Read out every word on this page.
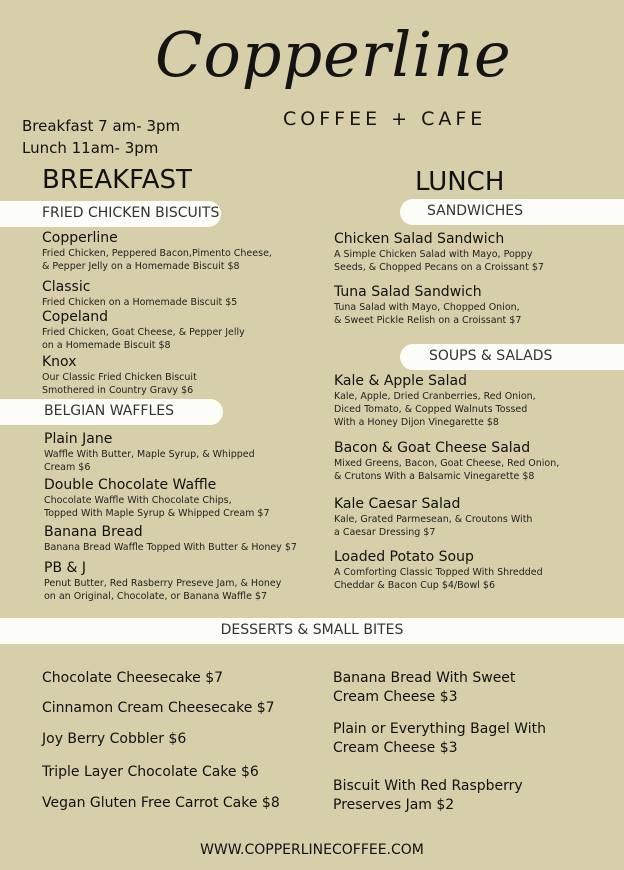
Copperline
COFFEE + CAFE
Breakfast 7 am- 3pm
Lunch 11am- 3pm
BREAKFAST	LUNCH
FRIED CHICKEN BISCUITS	SANDWICHES
Copperline
Fried Chicken, Peppered Bacon,Pimento Cheese,
& Pepper Jelly on a Homemade Biscuit $8
Classic
Fried Chicken on a Homemade Biscuit $5
Copeland
Fried Chicken, Goat Cheese, & Pepper Jelly
on a Homemade Biscuit $8
Knox
Our Classic Fried Chicken Biscuit
Smothered in Country Gravy $6
BELGIAN WAFFLES
Plain Jane
Waffle With Butter, Maple Syrup, & Whipped
Cream $6
Double Chocolate Waffle
Chocolate Waffle With Chocolate Chips,
Topped With Maple Syrup & Whipped Cream $7
Banana Bread
Banana Bread Waffle Topped With Butter & Honey $7
PB & J
Penut Butter, Red Rasberry Preseve Jam, & Honey
on an Original, Chocolate, or Banana Waffle $7
Chicken Salad Sandwich
A Simple Chicken Salad with Mayo, Poppy
Seeds, & Chopped Pecans on a Croissant $7
Tuna Salad Sandwich
Tuna Salad with Mayo, Chopped Onion,
& Sweet Pickle Relish on a Croissant $7
SOUPS & SALADS
Kale & Apple Salad
Kale, Apple, Dried Cranberries, Red Onion,
Diced Tomato, & Copped Walnuts Tossed
With a Honey Dijon Vinegarette $8
Bacon & Goat Cheese Salad
Mixed Greens, Bacon, Goat Cheese, Red Onion,
& Crutons With a Balsamic Vinegarette $8
Kale Caesar Salad
Kale, Grated Parmesean, & Croutons With
a Caesar Dressing $7
Loaded Potato Soup
A Comforting Classic Topped With Shredded
Cheddar & Bacon Cup $4/Bowl $6
DESSERTS & SMALL BITES
Chocolate Cheesecake $7
Cinnamon Cream Cheesecake $7
Joy Berry Cobbler $6
Triple Layer Chocolate Cake $6
Vegan Gluten Free Carrot Cake $8
Banana Bread With Sweet
Cream Cheese $3
Plain or Everything Bagel With
Cream Cheese $3
Biscuit With Red Raspberry
Preserves Jam $2
WWW.COPPERLINECOFFEE.COM
